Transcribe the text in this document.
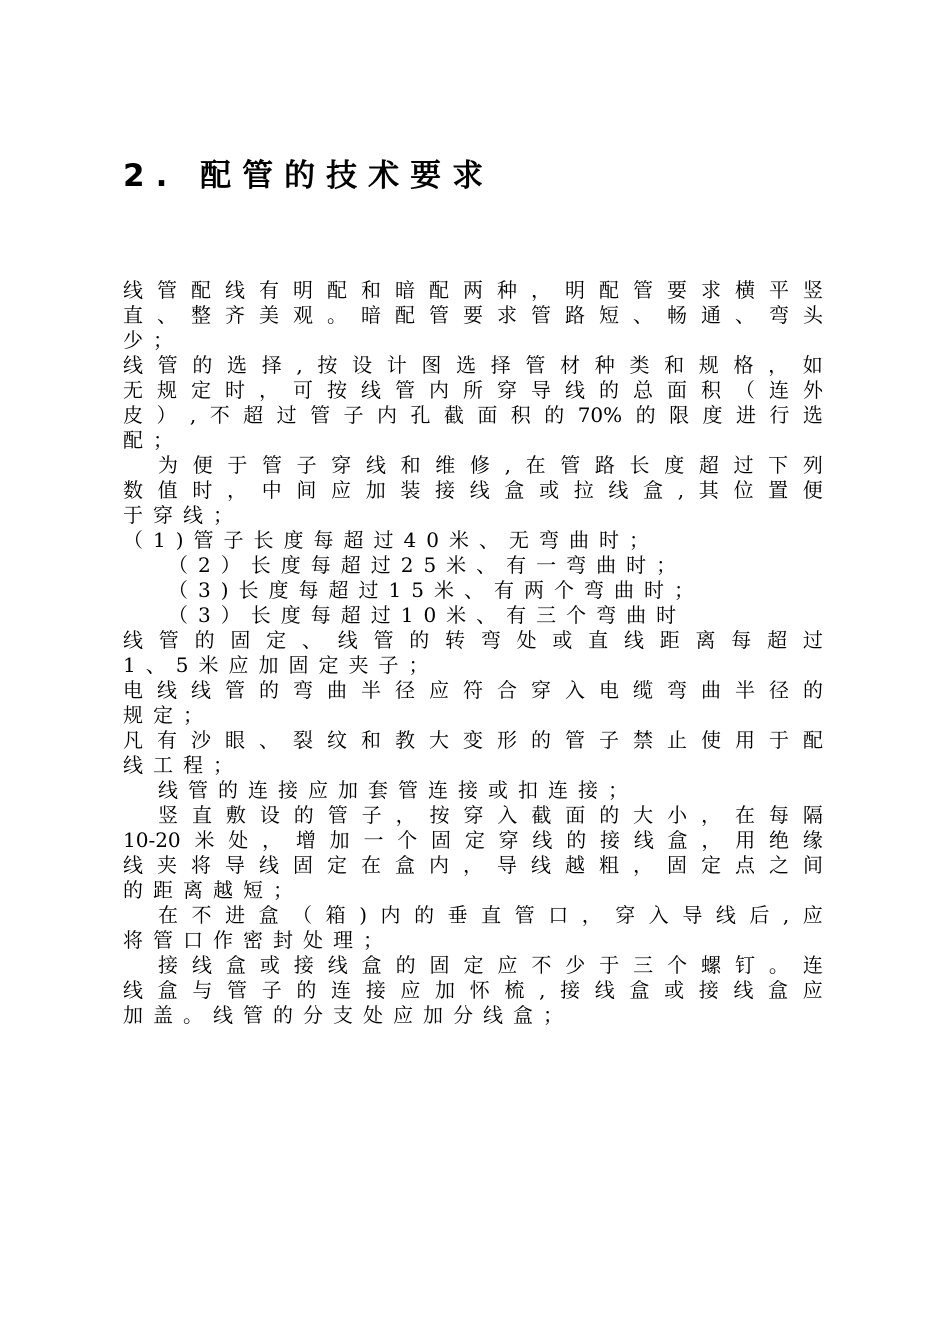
2. 配管的技术要求
线 管 配 线 有 明 配 和 暗 配 两 种 ， 明 配 管 要 求 横 平 竖
直 、 整 齐 美 观 。 暗 配 管 要 求 管 路 短 、 畅 通 、 弯 头
少；
线 管 的 选 择 , 按 设 计 图 选 择 管 材 种 类 和 规 格 ， 如
无 规 定 时 ， 可 按 线 管 内 所 穿 导 线 的 总 面 积 （ 连 外
皮 ） , 不 超 过 管 子 内 孔 截 面 积 的 70% 的 限 度 进 行 选
配；
为 便 于 管 子 穿 线 和 维 修 , 在 管 路 长 度 超 过 下 列
数 值 时 ， 中 间 应 加 装 接 线 盒 或 拉 线 盒 , 其 位 置 便
于穿线；
（1)管子长度每超过40米、无弯曲时；
（2）长度每超过25米、有一弯曲时；
（3)长度每超过15米、有两个弯曲时；
（3）长度每超过10米、有三个弯曲时
线 管 的 固 定 、 线 管 的 转 弯 处 或 直 线 距 离 每 超 过
1、5米应加固定夹子；
电 线 线 管 的 弯 曲 半 径 应 符 合 穿 入 电 缆 弯 曲 半 径 的
规定；
凡 有 沙 眼 、 裂 纹 和 教 大 变 形 的 管 子 禁 止 使 用 于 配
线工程；
线管的连接应加套管连接或扣连接；
竖 直 敷 设 的 管 子 ， 按 穿 入 截 面 的 大 小 ， 在 每 隔
10-20 米 处 ， 增 加 一 个 固 定 穿 线 的 接 线 盒 ， 用 绝 缘
线 夹 将 导 线 固 定 在 盒 内 ， 导 线 越 粗 ， 固 定 点 之 间
的距离越短；
在 不 进 盒 （ 箱 ) 内 的 垂 直 管 口 ， 穿 入 导 线 后 , 应
将管口作密封处理；
接 线 盒 或 接 线 盒 的 固 定 应 不 少 于 三 个 螺 钉 。 连
线 盒 与 管 子 的 连 接 应 加 怀 梳 , 接 线 盒 或 接 线 盒 应
加盖。线管的分支处应加分线盒；
